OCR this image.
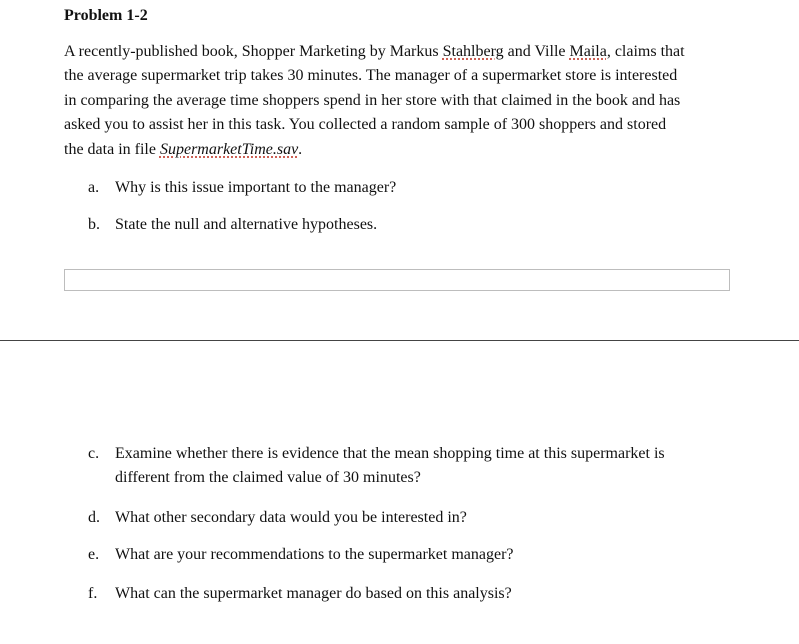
Problem 1-2
A recently-published book, Shopper Marketing by Markus Stahlberg and Ville Maila, claims that
the average supermarket trip takes 30 minutes. The manager of a supermarket store is interested
in comparing the average time shoppers spend in her store with that claimed in the book and has
asked you to assist her in this task. You collected a random sample of 300 shoppers and stored
the data in file SupermarketTime.sav.
a. Why is this issue important to the manager?
b. State the null and alternative hypotheses.
c. Examine whether there is evidence that the mean shopping time at this supermarket is different from the claimed value of 30 minutes?
d. What other secondary data would you be interested in?
e. What are your recommendations to the supermarket manager?
f.	What can the supermarket manager do based on this analysis?
